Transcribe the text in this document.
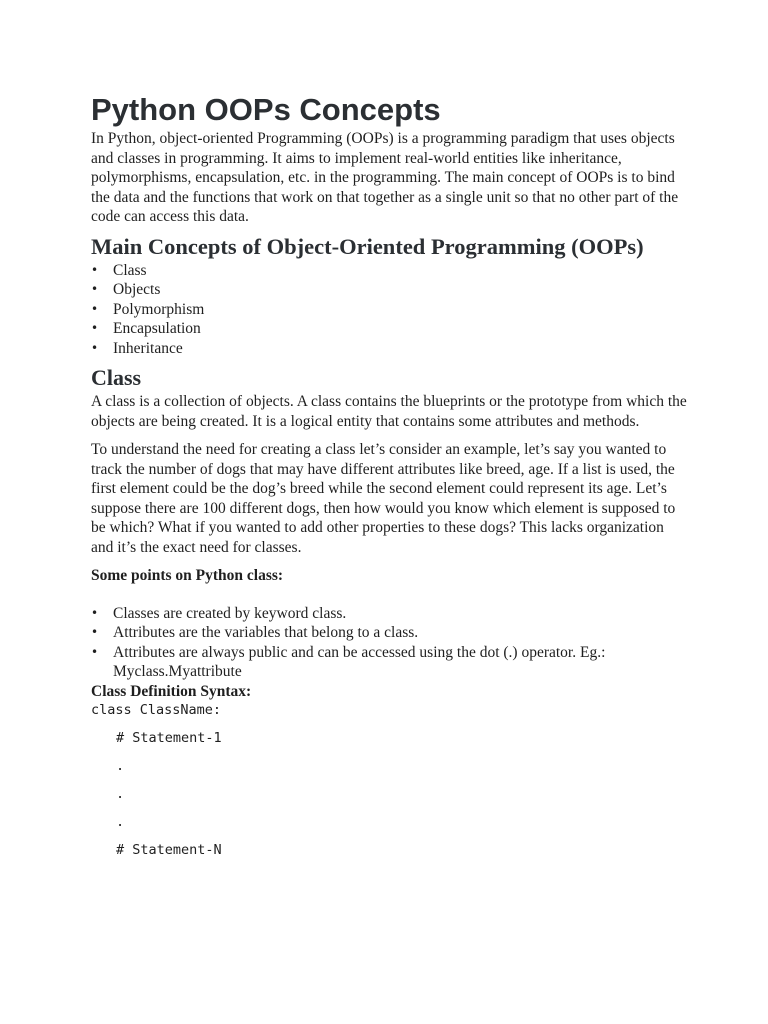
Python OOPs Concepts

In Python, object-oriented Programming (OOPs) is a programming paradigm that uses objects and classes in programming. It aims to implement real-world entities like inheritance, polymorphisms, encapsulation, etc. in the programming. The main concept of OOPs is to bind the data and the functions that work on that together as a single unit so that no other part of the code can access this data.

Main Concepts of Object-Oriented Programming (OOPs)
• Class
• Objects
• Polymorphism
• Encapsulation
• Inheritance
Class

A class is a collection of objects. A class contains the blueprints or the prototype from which the objects are being created. It is a logical entity that contains some attributes and methods.

To understand the need for creating a class let’s consider an example, let’s say you wanted to track the number of dogs that may have different attributes like breed, age. If a list is used, the first element could be the dog’s breed while the second element could represent its age. Let’s suppose there are 100 different dogs, then how would you know which element is supposed to be which? What if you wanted to add other properties to these dogs? This lacks organization and it’s the exact need for classes.

Some points on Python class:

• Classes are created by keyword class.
• Attributes are the variables that belong to a class.
• Attributes are always public and can be accessed using the dot (.) operator. Eg.: Myclass.Myattribute

Class Definition Syntax:

class ClassName:
# Statement-1
.
.
.
# Statement-N
